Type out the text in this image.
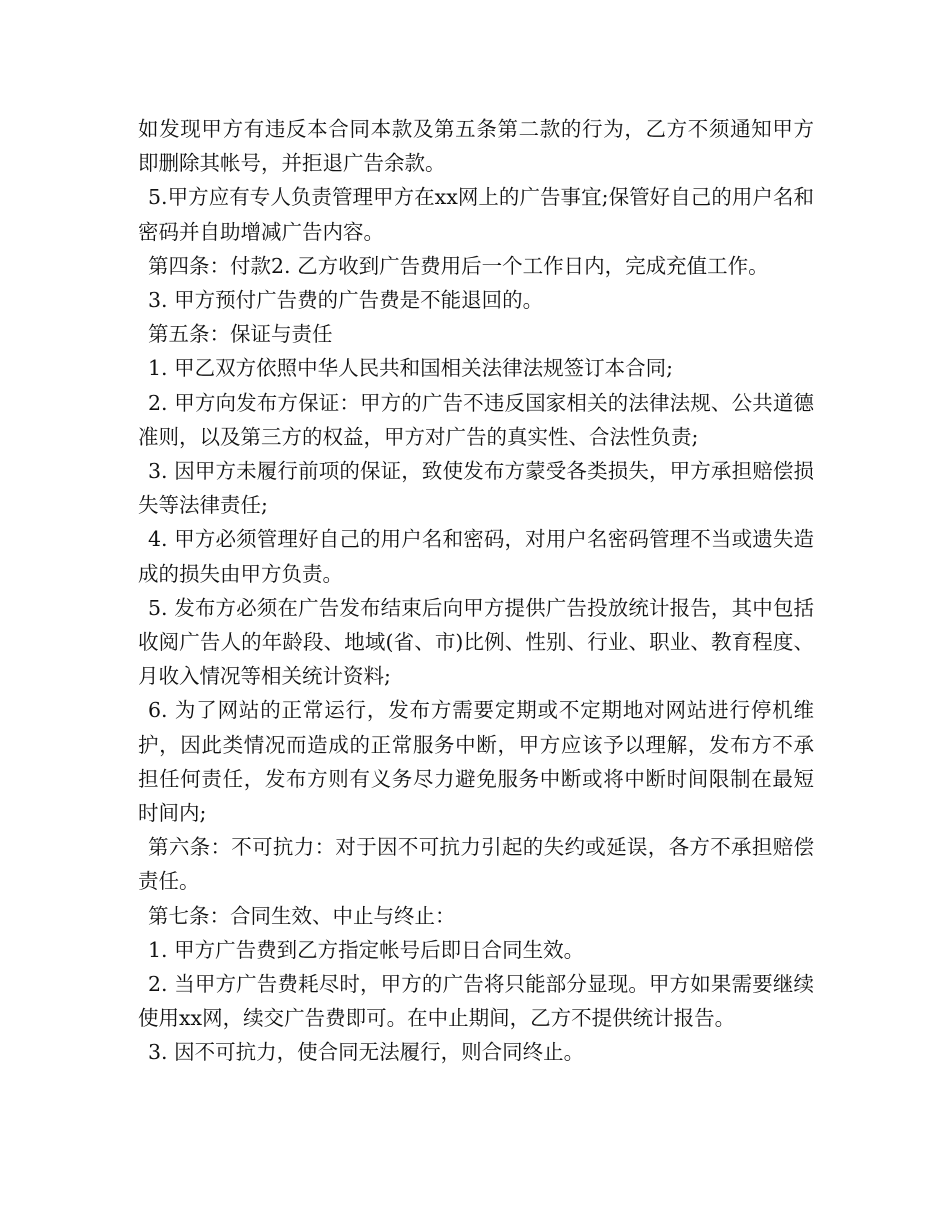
如发现甲方有违反本合同本款及第五条第二款的行为，乙方不须通知甲方即删除其帐号，并拒退广告余款。

5.甲方应有专人负责管理甲方在xx网上的广告事宜;保管好自己的用户名和密码并自助增减广告内容。

第四条：付款2. 乙方收到广告费用后一个工作日内，完成充值工作。

3. 甲方预付广告费的广告费是不能退回的。

第五条：保证与责任

1. 甲乙双方依照中华人民共和国相关法律法规签订本合同;

2. 甲方向发布方保证：甲方的广告不违反国家相关的法律法规、公共道德准则，以及第三方的权益，甲方对广告的真实性、合法性负责;

3. 因甲方未履行前项的保证，致使发布方蒙受各类损失，甲方承担赔偿损失等法律责任;

4. 甲方必须管理好自己的用户名和密码，对用户名密码管理不当或遗失造成的损失由甲方负责。

5. 发布方必须在广告发布结束后向甲方提供广告投放统计报告，其中包括收阅广告人的年龄段、地域(省、市)比例、性别、行业、职业、教育程度、月收入情况等相关统计资料;

6. 为了网站的正常运行，发布方需要定期或不定期地对网站进行停机维护，因此类情况而造成的正常服务中断，甲方应该予以理解，发布方不承担任何责任，发布方则有义务尽力避免服务中断或将中断时间限制在最短时间内;

第六条：不可抗力：对于因不可抗力引起的失约或延误，各方不承担赔偿责任。

第七条：合同生效、中止与终止：

1. 甲方广告费到乙方指定帐号后即日合同生效。

2. 当甲方广告费耗尽时，甲方的广告将只能部分显现。甲方如果需要继续使用xx网，续交广告费即可。在中止期间，乙方不提供统计报告。

3. 因不可抗力，使合同无法履行，则合同终止。
